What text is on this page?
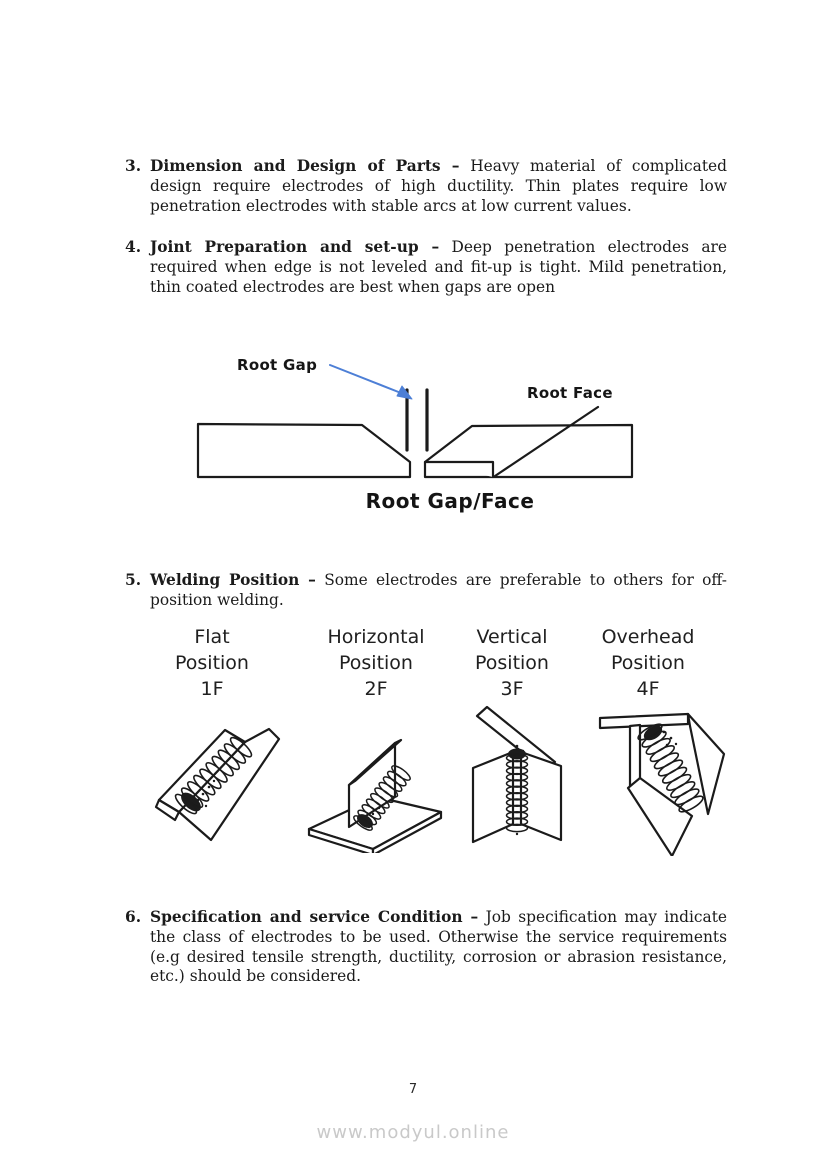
3. Dimension and Design of Parts – Heavy material of complicated design require electrodes of high ductility. Thin plates require low penetration electrodes with stable arcs at low current values.
4. Joint Preparation and set-up – Deep penetration electrodes are required when edge is not leveled and fit-up is tight. Mild penetration, thin coated electrodes are best when gaps are open
Root Gap
Root Face
Root Gap/Face
5. Welding Position – Some electrodes are preferable to others for off-position welding.
Flat
Position
1F
Horizontal
Position
2F
Vertical
Position
3F
Overhead
Position
4F
6. Specification and service Condition – Job specification may indicate the class of electrodes to be used. Otherwise the service requirements (e.g desired tensile strength, ductility, corrosion or abrasion resistance, etc.) should be considered.
7
www.modyul.online
